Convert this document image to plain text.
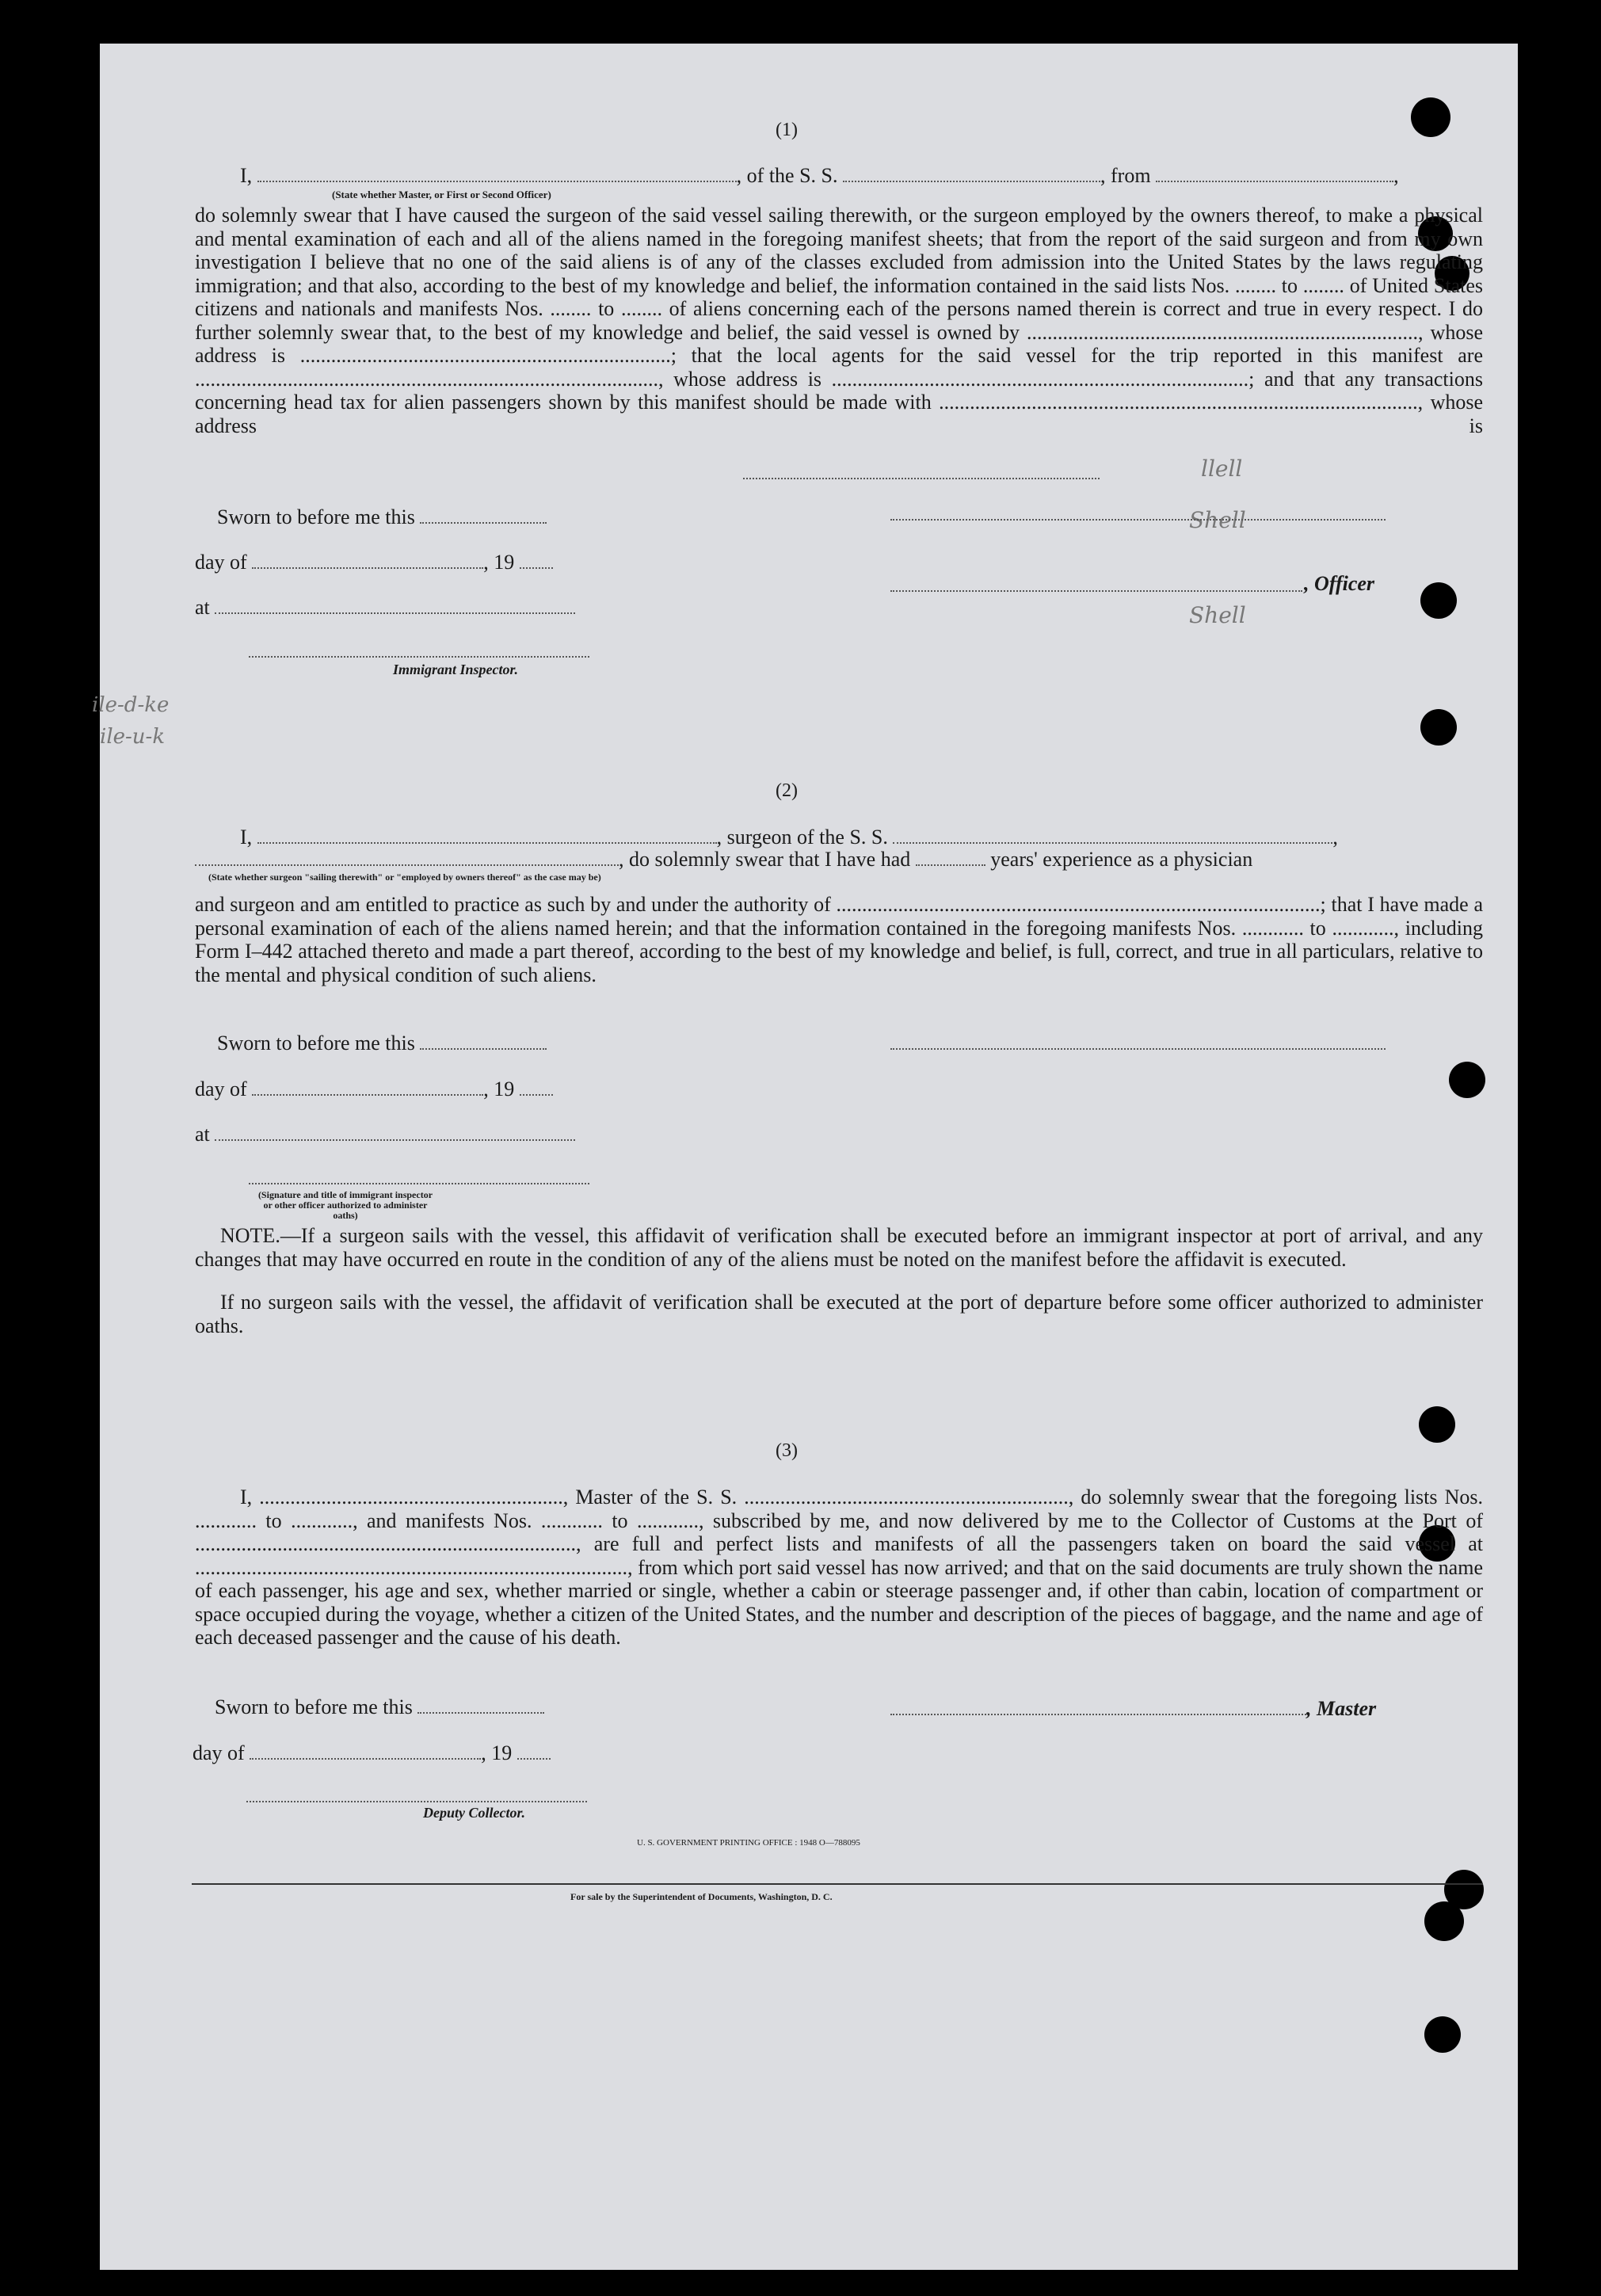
llell
Shell
Shell
ile-d-ke
ile-u-k
(1)
I,	, of the S. S.	, from	,
(State whether Master, or First or Second Officer)
do solemnly swear that I have caused the surgeon of the said vessel sailing therewith, or the surgeon employed by the owners thereof, to make a physical and mental examination of each and all of the aliens named in the foregoing manifest sheets; that from the report of the said surgeon and from my own investigation I believe that no one of the said aliens is of any of the classes excluded from admission into the United States by the laws regulating immigration; and that also, according to the best of my knowledge and belief, the information contained in the said lists Nos. ........ to ........ of United States citizens and nationals and manifests Nos. ........ to ........ of aliens concerning each of the persons named therein is correct and true in every respect. I do further solemnly swear that, to the best of my knowledge and belief, the said vessel is owned by ............................................................................, whose address is ........................................................................; that the local agents for the said vessel for the trip reported in this manifest are .........................................................................................., whose address is .................................................................................; and that any transactions concerning head tax for alien passengers shown by this manifest should be made with ............................................................................................., whose address is
Sworn to before me this
day of	, 19
at
, Officer
Immigrant Inspector.
(2)
I,	, surgeon of the S. S.	,
, do solemnly swear that I have had	years' experience as a physician
(State whether surgeon "sailing therewith" or "employed by owners thereof" as the case may be)
and surgeon and am entitled to practice as such by and under the authority of ..............................................................................................; that I have made a personal examination of each of the aliens named herein; and that the information contained in the foregoing manifests Nos. ............ to ............, including Form I–442 attached thereto and made a part thereof, according to the best of my knowledge and belief, is full, correct, and true in all particulars, relative to the mental and physical condition of such aliens.
Sworn to before me this
day of	, 19
at
(Signature and title of immigrant inspector or other officer authorized to administer oaths)
NOTE.—If a surgeon sails with the vessel, this affidavit of verification shall be executed before an immigrant inspector at port of arrival, and any changes that may have occurred en route in the condition of any of the aliens must be noted on the manifest before the affidavit is executed.
If no surgeon sails with the vessel, the affidavit of verification shall be executed at the port of departure before some officer authorized to administer oaths.
(3)
I, ..........................................................., Master of the S. S. ..............................................................., do solemnly swear that the foregoing lists Nos. ............ to ............, and manifests Nos. ............ to ............, subscribed by me, and now delivered by me to the Collector of Customs at the Port of .........................................................................., are full and perfect lists and manifests of all the passengers taken on board the said vessel at ...................................................................................., from which port said vessel has now arrived; and that on the said documents are truly shown the name of each passenger, his age and sex, whether married or single, whether a cabin or steerage passenger and, if other than cabin, location of compartment or space occupied during the voyage, whether a citizen of the United States, and the number and description of the pieces of baggage, and the name and age of each deceased passenger and the cause of his death.
Sworn to before me this	, Master
day of	, 19
Deputy Collector.
U. S. GOVERNMENT PRINTING OFFICE : 1948 O—788095
For sale by the Superintendent of Documents, Washington, D. C.
